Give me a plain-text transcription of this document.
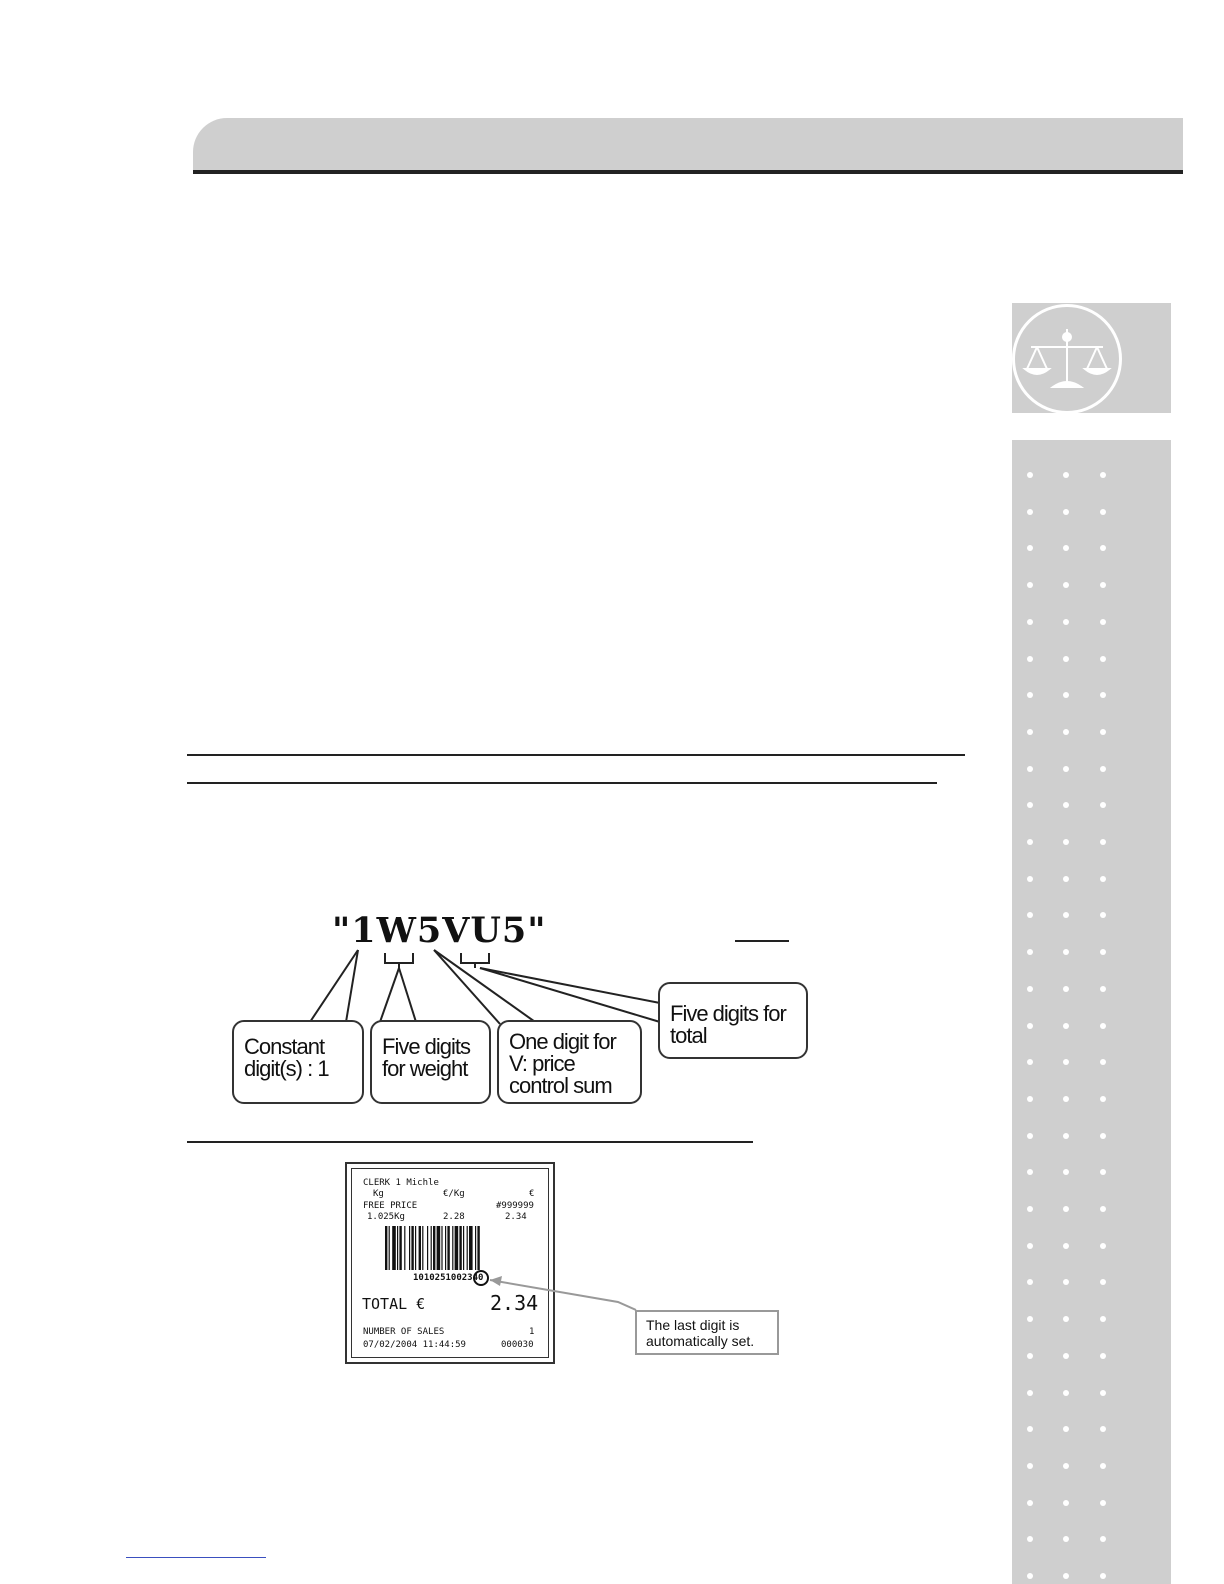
"1W5VU5"
Constant
digit(s) : 1
Five digits
for weight
One digit for
V: price
control sum
Five digits for
total
CLERK 1 Michle
Kg	€/Kg	€
FREE PRICE	#999999
1.025Kg	2.28	2.34
1010251002340
TOTAL €	2.34
NUMBER OF SALES	1
07/02/2004 11:44:59	000030
The last digit is
automatically set.
